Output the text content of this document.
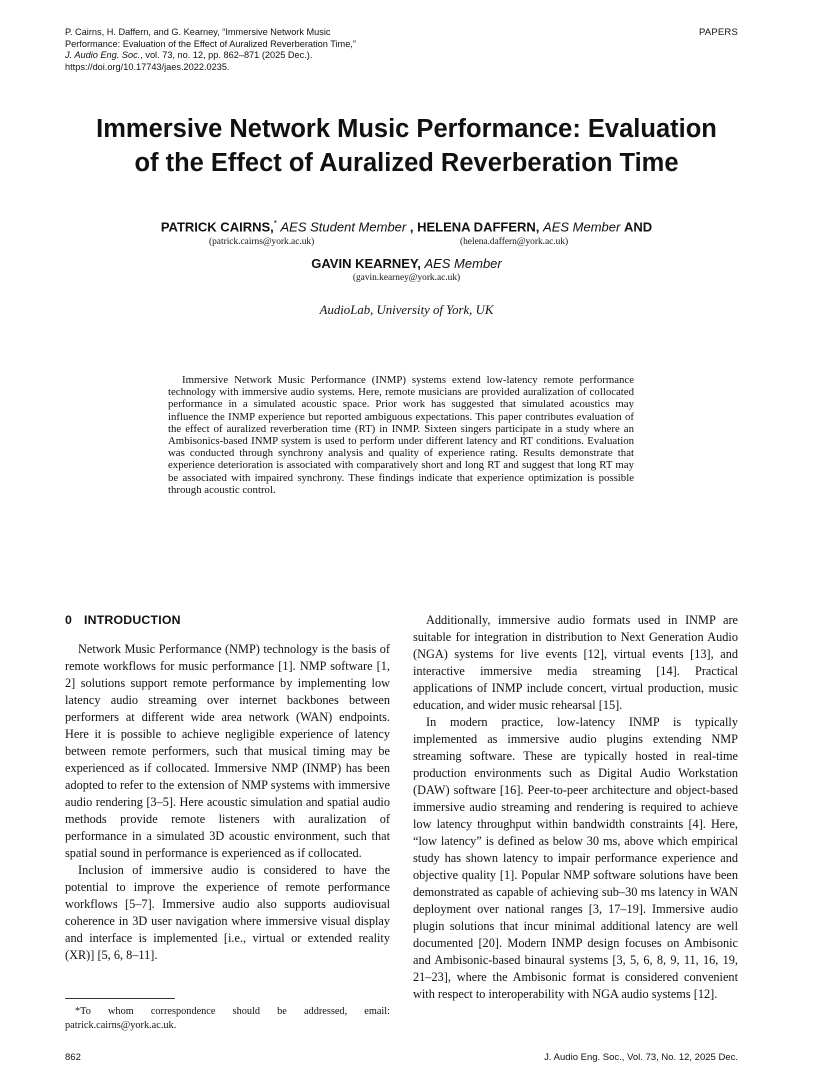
P. Cairns, H. Daffern, and G. Kearney, “Immersive Network Music
Performance: Evaluation of the Effect of Auralized Reverberation Time,”
J. Audio Eng. Soc., vol. 73, no. 12, pp. 862–871 (2025 Dec.).
https://doi.org/10.17743/jaes.2022.0235.
PAPERS
Immersive Network Music Performance: Evaluation
of the Effect of Auralized Reverberation Time
PATRICK CAIRNS,* AES Student Member , HELENA DAFFERN, AES Member AND
(patrick.cairns@york.ac.uk)	(helena.daffern@york.ac.uk)
GAVIN KEARNEY, AES Member
(gavin.kearney@york.ac.uk)
AudioLab, University of York, UK

Immersive Network Music Performance (INMP) systems extend low-latency remote performance technology with immersive audio systems. Here, remote musicians are provided auralization of collocated performance in a simulated acoustic space. Prior work has suggested that simulated acoustics may influence the INMP experience but reported ambiguous expectations. This paper contributes evaluation of the effect of auralized reverberation time (RT) in INMP. Sixteen singers participate in a study where an Ambisonics-based INMP system is used to perform under different latency and RT conditions. Evaluation was conducted through synchrony analysis and quality of experience rating. Results demonstrate that experience deterioration is associated with comparatively short and long RT and suggest that long RT may be associated with impaired synchrony. These findings indicate that experience optimization is possible through acoustic control.

0 INTRODUCTION

Network Music Performance (NMP) technology is the basis of remote workflows for music performance [1]. NMP software [1, 2] solutions support remote performance by implementing low latency audio streaming over internet backbones between performers at different wide area network (WAN) endpoints. Here it is possible to achieve negligible experience of latency between remote performers, such that musical timing may be experienced as if collocated. Immersive NMP (INMP) has been adopted to refer to the extension of NMP systems with immersive audio rendering [3–5]. Here acoustic simulation and spatial audio methods provide remote listeners with auralization of performance in a simulated 3D acoustic environment, such that spatial sound in performance is experienced as if collocated.

Inclusion of immersive audio is considered to have the potential to improve the experience of remote performance workflows [5–7]. Immersive audio also supports audiovisual coherence in 3D user navigation where immersive visual display and interface is implemented [i.e., virtual or extended reality (XR)] [5, 6, 8–11].

Additionally, immersive audio formats used in INMP are suitable for integration in distribution to Next Generation Audio (NGA) systems for live events [12], virtual events [13], and interactive immersive media streaming [14]. Practical applications of INMP include concert, virtual production, music education, and wider music rehearsal [15].

In modern practice, low-latency INMP is typically implemented as immersive audio plugins extending NMP streaming software. These are typically hosted in real-time production environments such as Digital Audio Workstation (DAW) software [16]. Peer-to-peer architecture and object-based immersive audio streaming and rendering is required to achieve low latency throughput within bandwidth constraints [4]. Here, “low latency” is defined as below 30 ms, above which empirical study has shown latency to impair performance experience and objective quality [1]. Popular NMP software solutions have been demonstrated as capable of achieving sub–30 ms latency in WAN deployment over national ranges [3, 17–19]. Immersive audio plugin solutions that incur minimal additional latency are well documented [20]. Modern INMP design focuses on Ambisonic and Ambisonic-based binaural systems [3, 5, 6, 8, 9, 11, 16, 19, 21–23], where the Ambisonic format is considered convenient with respect to interoperability with NGA audio systems [12].

*To whom correspondence should be addressed, email: patrick.cairns@york.ac.uk.

862	J. Audio Eng. Soc., Vol. 73, No. 12, 2025 Dec.
